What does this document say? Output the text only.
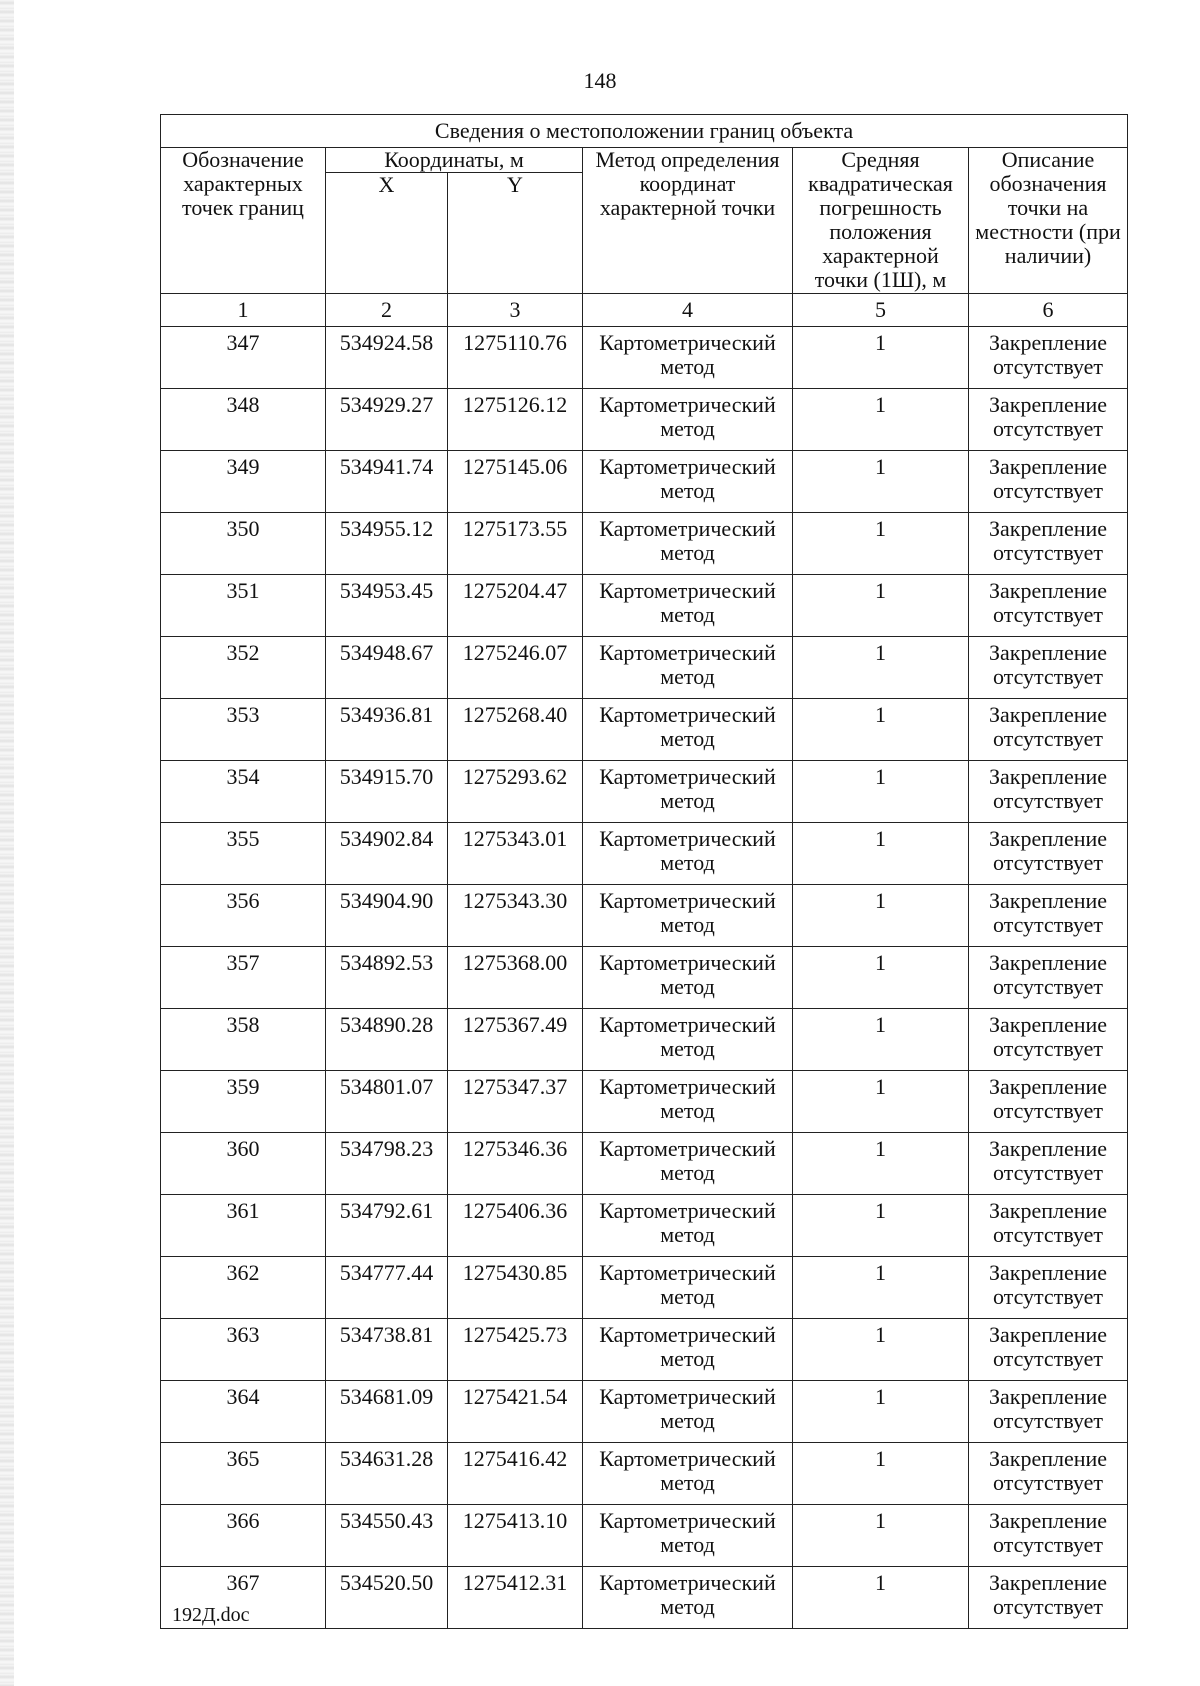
148
Сведения о местоположении границ объекта					
Обозначение характерных точек границ	Координаты, м		Метод определения координат характерной точки	Средняя квадратическая погрешность положения характерной точки (1Ш), м	Описание обозначения точки на местности (при наличии)
	X	Y			
1	2	3	4	5	6
347	534924.58	1275110.76	Картометрический метод	1	Закрепление отсутствует
348	534929.27	1275126.12	Картометрический метод	1	Закрепление отсутствует
349	534941.74	1275145.06	Картометрический метод	1	Закрепление отсутствует
350	534955.12	1275173.55	Картометрический метод	1	Закрепление отсутствует
351	534953.45	1275204.47	Картометрический метод	1	Закрепление отсутствует
352	534948.67	1275246.07	Картометрический метод	1	Закрепление отсутствует
353	534936.81	1275268.40	Картометрический метод	1	Закрепление отсутствует
354	534915.70	1275293.62	Картометрический метод	1	Закрепление отсутствует
355	534902.84	1275343.01	Картометрический метод	1	Закрепление отсутствует
356	534904.90	1275343.30	Картометрический метод	1	Закрепление отсутствует
357	534892.53	1275368.00	Картометрический метод	1	Закрепление отсутствует
358	534890.28	1275367.49	Картометрический метод	1	Закрепление отсутствует
359	534801.07	1275347.37	Картометрический метод	1	Закрепление отсутствует
360	534798.23	1275346.36	Картометрический метод	1	Закрепление отсутствует
361	534792.61	1275406.36	Картометрический метод	1	Закрепление отсутствует
362	534777.44	1275430.85	Картометрический метод	1	Закрепление отсутствует
363	534738.81	1275425.73	Картометрический метод	1	Закрепление отсутствует
364	534681.09	1275421.54	Картометрический метод	1	Закрепление отсутствует
365	534631.28	1275416.42	Картометрический метод	1	Закрепление отсутствует
366	534550.43	1275413.10	Картометрический метод	1	Закрепление отсутствует
367	534520.50	1275412.31	Картометрический метод	1	Закрепление отсутствует
192Д.doc
